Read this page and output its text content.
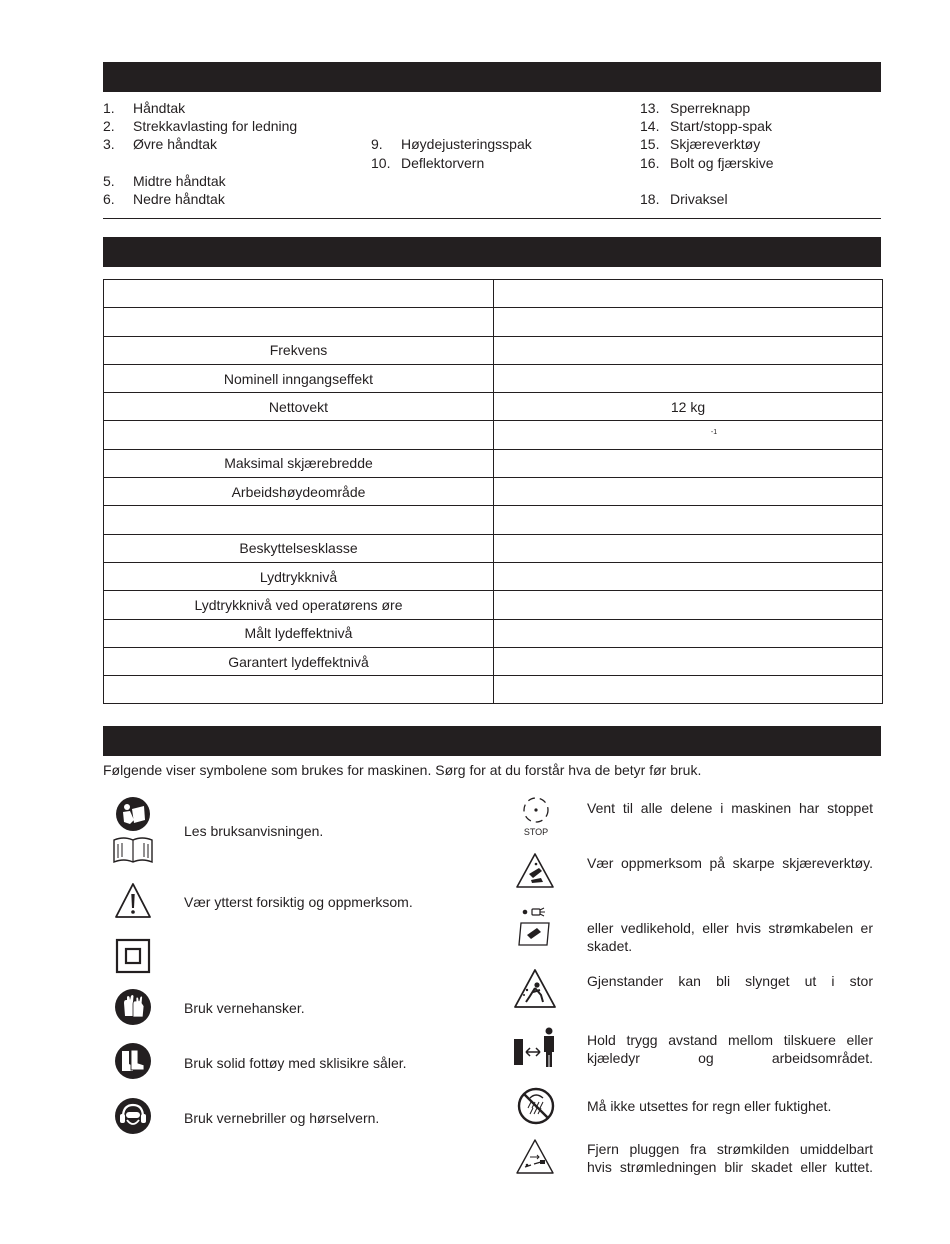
1. Håndtak
2. Strekkavlasting for ledning
3. Øvre håndtak
5. Midtre håndtak
6. Nedre håndtak
9. Høydejusteringsspak
10. Deflektorvern
13. Sperreknapp
14. Start/stopp-spak
15. Skjæreverktøy
16. Bolt og fjærskive
18. Drivaksel

Frekvens	
Nominell inngangseffekt	
Nettovekt	12 kg
	$^{-1}$
Maksimal skjærebredde	
Arbeidshøydeområde	

Beskyttelsesklasse	
Lydtrykknivå	
Lydtrykknivå ved operatørens øre	
Målt lydeffektnivå	
Garantert lydeffektnivå	

Følgende viser symbolene som brukes for maskinen. Sørg for at du forstår hva de betyr før bruk.
Les bruksanvisningen.
Vær ytterst forsiktig og oppmerksom.
Bruk vernehansker.
Bruk solid fottøy med sklisikre såler.
Bruk vernebriller og hørselvern.
STOP
Vent til alle delene i maskinen har stoppet
Vær oppmerksom på skarpe skjæreverktøy.
eller vedlikehold, eller hvis strømkabelen er skadet.
Gjenstander kan bli slynget ut i stor
Hold trygg avstand mellom tilskuere eller kjæledyr og arbeidsområdet.
Må ikke utsettes for regn eller fuktighet.
Fjern pluggen fra strømkilden umiddelbart hvis strømledningen blir skadet eller kuttet.
